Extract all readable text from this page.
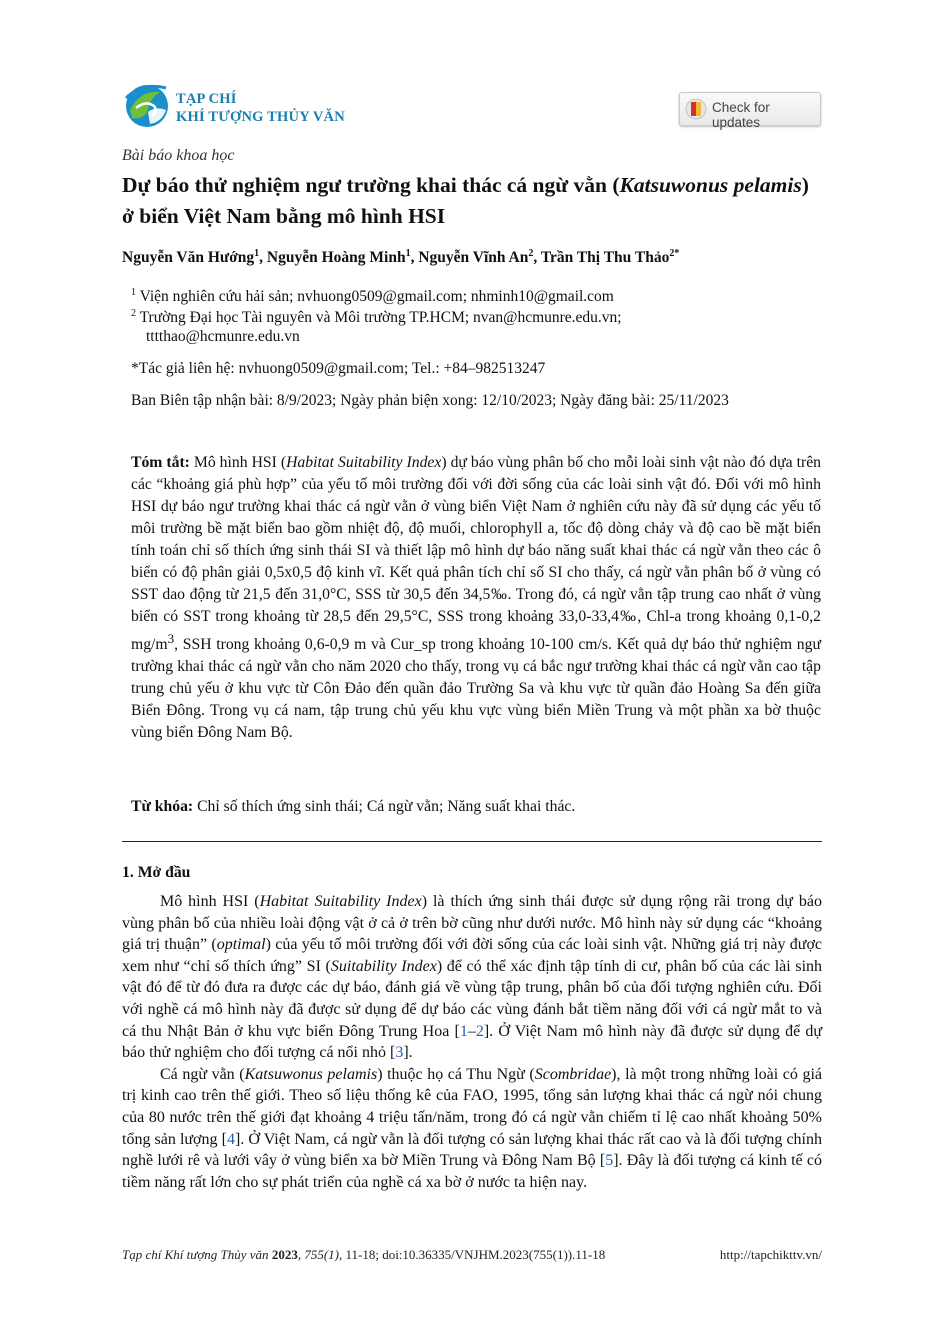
TẠP CHÍ
KHÍ TƯỢNG THỦY VĂN
Check for updates
Bài báo khoa học
Dự báo thử nghiệm ngư trường khai thác cá ngừ vằn (Katsuwonus pelamis) ở biển Việt Nam bằng mô hình HSI
Nguyễn Văn Hướng$^1$, Nguyễn Hoàng Minh$^1$, Nguyễn Vĩnh An$^2$, Trần Thị Thu Thảo$^{2*}$
$^1$ Viện nghiên cứu hải sản; nvhuong0509@gmail.com; nhminh10@gmail.com
$^2$ Trường Đại học Tài nguyên và Môi trường TP.HCM; nvan@hcmunre.edu.vn;
tttthao@hcmunre.edu.vn
*Tác giả liên hệ: nvhuong0509@gmail.com; Tel.: +84–982513247
Ban Biên tập nhận bài: 8/9/2023; Ngày phản biện xong: 12/10/2023; Ngày đăng bài: 25/11/2023
Tóm tắt: Mô hình HSI (Habitat Suitability Index) dự báo vùng phân bố cho mỗi loài sinh vật nào đó dựa trên các “khoảng giá phù hợp” của yếu tố môi trường đối với đời sống của các loài sinh vật đó. Đối với mô hình HSI dự báo ngư trường khai thác cá ngừ vằn ở vùng biển Việt Nam ở nghiên cứu này đã sử dụng các yếu tố môi trường bề mặt biển bao gồm nhiệt độ, độ muối, chlorophyll a, tốc độ dòng chảy và độ cao bề mặt biển tính toán chỉ số thích ứng sinh thái SI và thiết lập mô hình dự báo năng suất khai thác cá ngừ vằn theo các ô biển có độ phân giải 0,5x0,5 độ kinh vĩ. Kết quả phân tích chỉ số SI cho thấy, cá ngừ vằn phân bố ở vùng có SST dao động từ 21,5 đến 31,0°C, SSS từ 30,5 đến 34,5‰. Trong đó, cá ngừ vằn tập trung cao nhất ở vùng biển có SST trong khoảng từ 28,5 đến 29,5°C, SSS trong khoảng 33,0-33,4‰, Chl-a trong khoảng 0,1-0,2 $mg/m^3$, SSH trong khoảng 0,6-0,9 m và Cur_sp trong khoảng 10-100 cm/s. Kết quả dự báo thử nghiệm ngư trường khai thác cá ngừ vằn cho năm 2020 cho thấy, trong vụ cá bắc ngư trường khai thác cá ngừ vằn cao tập trung chủ yếu ở khu vực từ Côn Đảo đến quần đảo Trường Sa và khu vực từ quần đảo Hoàng Sa đến giữa Biển Đông. Trong vụ cá nam, tập trung chủ yếu khu vực vùng biển Miền Trung và một phần xa bờ thuộc vùng biển Đông Nam Bộ.
Từ khóa: Chỉ số thích ứng sinh thái; Cá ngừ vằn; Năng suất khai thác.
1. Mở đầu

Mô hình HSI (Habitat Suitability Index) là thích ứng sinh thái được sử dụng rộng rãi trong dự báo vùng phân bố của nhiều loài động vật ở cả ở trên bờ cũng như dưới nước. Mô hình này sử dụng các “khoảng giá trị thuận” (optimal) của yếu tố môi trường đối với đời sống của các loài sinh vật. Những giá trị này được xem như “chỉ số thích ứng” SI (Suitability Index) để có thể xác định tập tính di cư, phân bố của các lài sinh vật đó để từ đó đưa ra được các dự báo, đánh giá về vùng tập trung, phân bố của đối tượng nghiên cứu. Đối với nghề cá mô hình này đã được sử dụng để dự báo các vùng đánh bắt tiềm năng đối với cá ngừ mắt to và cá thu Nhật Bản ở khu vực biển Đông Trung Hoa [1–2]. Ở Việt Nam mô hình này đã được sử dụng để dự báo thử nghiệm cho đối tượng cá nổi nhỏ [3].

Cá ngừ vằn (Katsuwonus pelamis) thuộc họ cá Thu Ngừ (Scombridae), là một trong những loài có giá trị kinh cao trên thế giới. Theo số liệu thống kê của FAO, 1995, tổng sản lượng khai thác cá ngừ nói chung của 80 nước trên thế giới đạt khoảng 4 triệu tấn/năm, trong đó cá ngừ vằn chiếm tỉ lệ cao nhất khoảng 50% tổng sản lượng [4]. Ở Việt Nam, cá ngừ vằn là đối tượng có sản lượng khai thác rất cao và là đối tượng chính nghề lưới rê và lưới vây ở vùng biển xa bờ Miền Trung và Đông Nam Bộ [5]. Đây là đối tượng cá kinh tế có tiềm năng rất lớn cho sự phát triển của nghề cá xa bờ ở nước ta hiện nay.

Tạp chí Khí tượng Thủy văn 2023, 755(1), 11-18; doi:10.36335/VNJHM.2023(755(1)).11-18	http://tapchikttv.vn/
